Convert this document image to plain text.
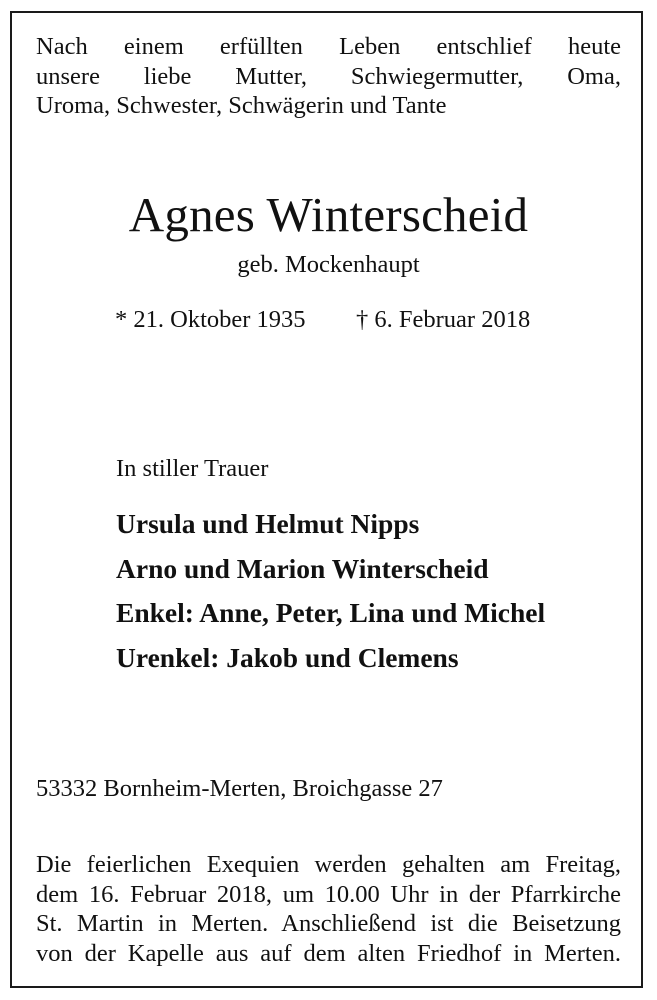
Nach einem erfüllten Leben entschlief heute
unsere liebe Mutter, Schwiegermutter, Oma,
Uroma, Schwester, Schwägerin und Tante
Agnes Winterscheid
geb. Mockenhaupt
* 21. Oktober 1935 † 6. Februar 2018
In stiller Trauer
Ursula und Helmut Nipps
Arno und Marion Winterscheid
Enkel: Anne, Peter, Lina und Michel
Urenkel: Jakob und Clemens
53332 Bornheim-Merten, Broichgasse 27
Die feierlichen Exequien werden gehalten am Freitag,
dem 16. Februar 2018, um 10.00 Uhr in der Pfarrkirche
St. Martin in Merten. Anschließend ist die Beisetzung
von der Kapelle aus auf dem alten Friedhof in Merten.
